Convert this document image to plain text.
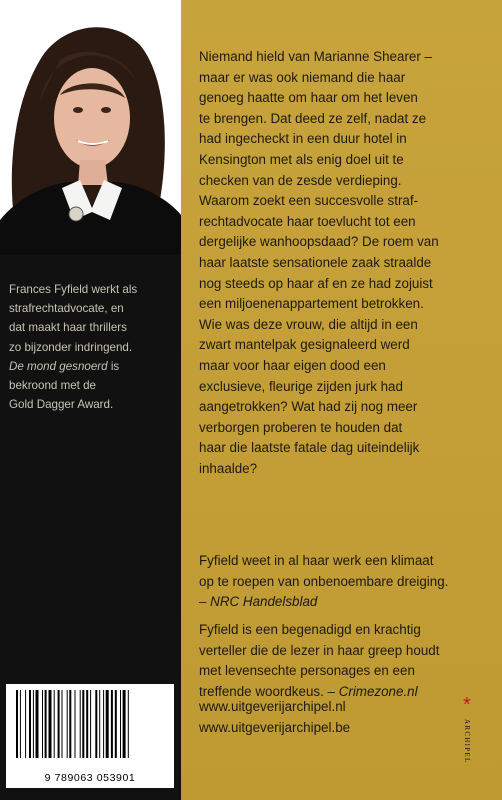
Frances Fyfield werkt als
strafrechtadvocate, en
dat maakt haar thrillers
zo bijzonder indringend.
De mond gesnoerd is
bekroond met de
Gold Dagger Award.
9 789063 053901
Niemand hield van Marianne Shearer –
maar er was ook niemand die haar
genoeg haatte om haar om het leven
te brengen. Dat deed ze zelf, nadat ze
had ingecheckt in een duur hotel in
Kensington met als enig doel uit te
checken van de zesde verdieping.
Waarom zoekt een succesvolle straf-
rechtadvocate haar toevlucht tot een
dergelijke wanhoopsdaad? De roem van
haar laatste sensationele zaak straalde
nog steeds op haar af en ze had zojuist
een miljoenenappartement betrokken.
Wie was deze vrouw, die altijd in een
zwart mantelpak gesignaleerd werd
maar voor haar eigen dood een
exclusieve, fleurige zijden jurk had
aangetrokken? Wat had zij nog meer
verborgen proberen te houden dat
haar die laatste fatale dag uiteindelijk
inhaalde?
Fyfield weet in al haar werk een klimaat
op te roepen van onbenoembare dreiging.
– NRC Handelsblad
Fyfield is een begenadigd en krachtig
verteller die de lezer in haar greep houdt
met levensechte personages en een
treffende woordkeus. – Crimezone.nl
www.uitgeverijarchipel.nl
www.uitgeverijarchipel.be
*
ARCHIPEL
